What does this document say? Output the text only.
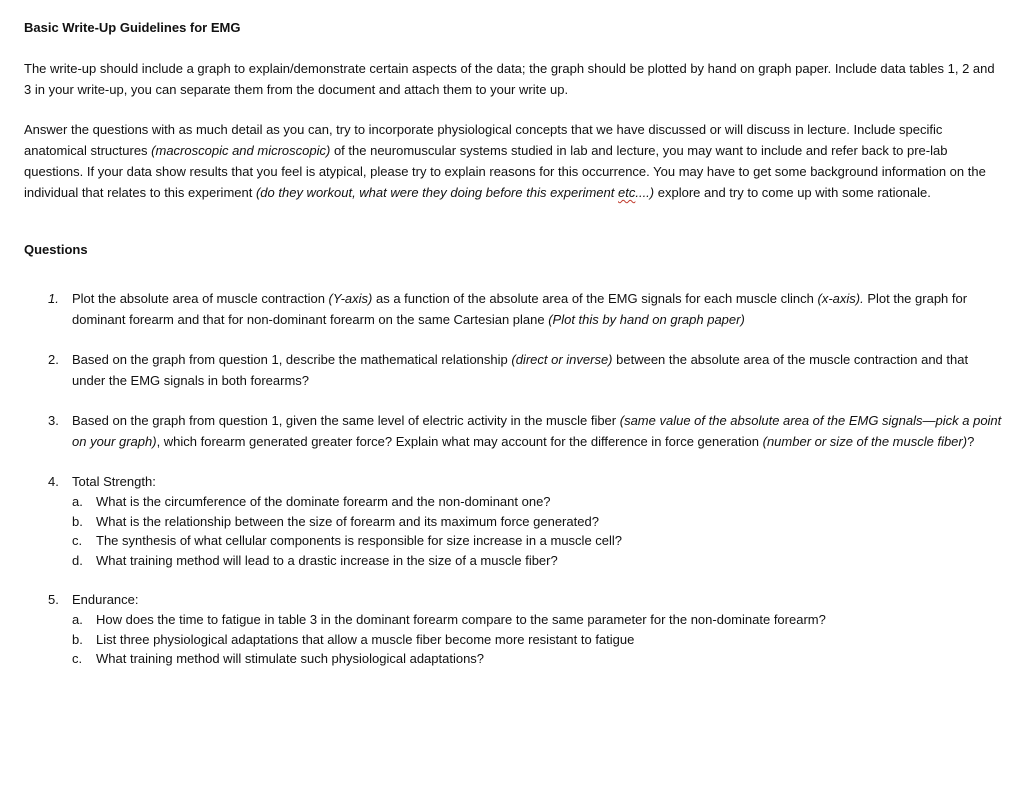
Basic Write-Up Guidelines for EMG
The write-up should include a graph to explain/demonstrate certain aspects of the data; the graph should be plotted by hand on graph paper. Include data tables 1, 2 and 3 in your write-up, you can separate them from the document and attach them to your write up.
Answer the questions with as much detail as you can, try to incorporate physiological concepts that we have discussed or will discuss in lecture. Include specific anatomical structures (macroscopic and microscopic) of the neuromuscular systems studied in lab and lecture, you may want to include and refer back to pre-lab questions. If your data show results that you feel is atypical, please try to explain reasons for this occurrence. You may have to get some background information on the individual that relates to this experiment (do they workout, what were they doing before this experiment etc....) explore and try to come up with some rationale.
Questions
1. Plot the absolute area of muscle contraction (Y-axis) as a function of the absolute area of the EMG signals for each muscle clinch (x-axis). Plot the graph for dominant forearm and that for non-dominant forearm on the same Cartesian plane (Plot this by hand on graph paper)
2. Based on the graph from question 1, describe the mathematical relationship (direct or inverse) between the absolute area of the muscle contraction and that under the EMG signals in both forearms?
3. Based on the graph from question 1, given the same level of electric activity in the muscle fiber (same value of the absolute area of the EMG signals—pick a point on your graph), which forearm generated greater force? Explain what may account for the difference in force generation (number or size of the muscle fiber)?
4. Total Strength:
a. What is the circumference of the dominate forearm and the non-dominant one?
b. What is the relationship between the size of forearm and its maximum force generated?
c. The synthesis of what cellular components is responsible for size increase in a muscle cell?
d. What training method will lead to a drastic increase in the size of a muscle fiber?
5. Endurance:
a. How does the time to fatigue in table 3 in the dominant forearm compare to the same parameter for the non-dominate forearm?
b. List three physiological adaptations that allow a muscle fiber become more resistant to fatigue
c. What training method will stimulate such physiological adaptations?
